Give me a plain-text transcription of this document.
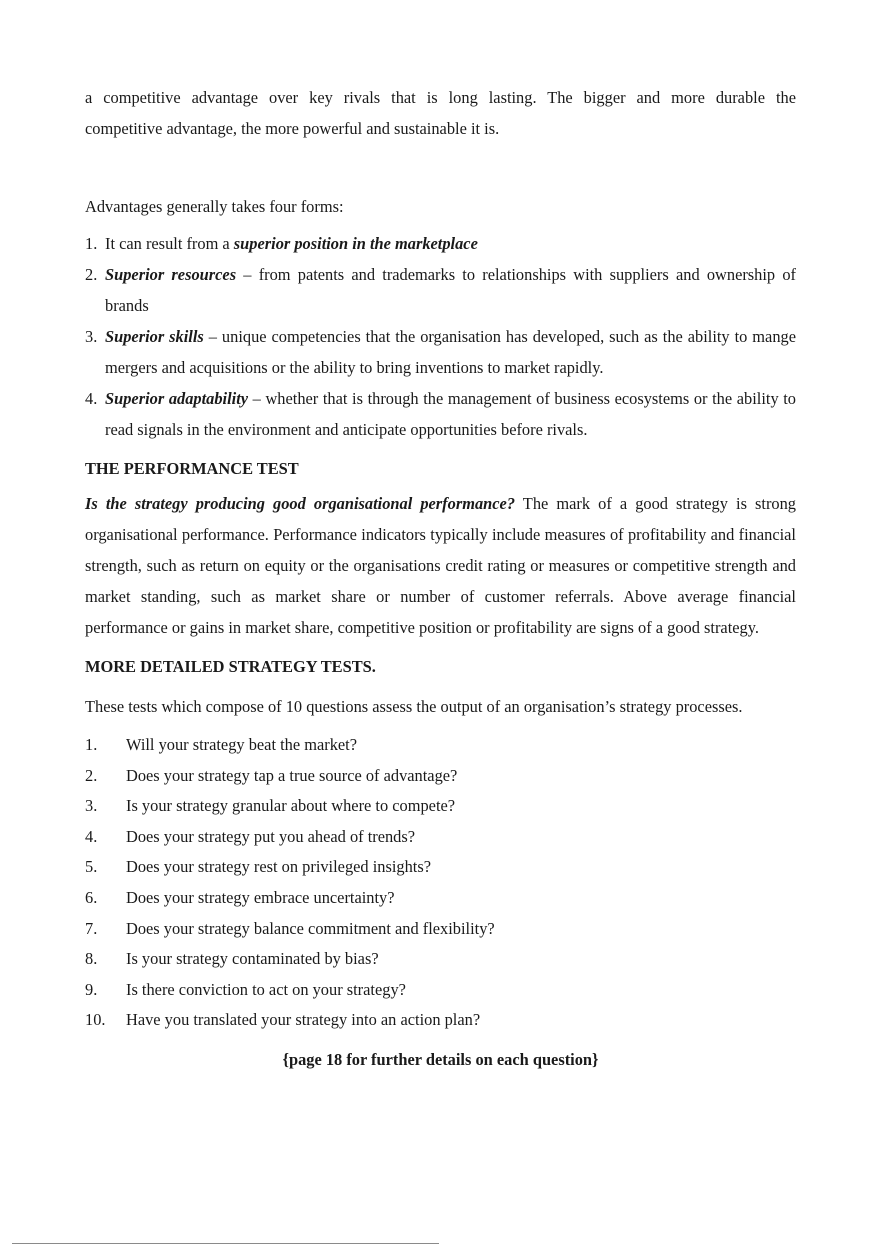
a competitive advantage over key rivals that is long lasting. The bigger and more durable the

competitive advantage, the more powerful and sustainable it is.

Advantages generally takes four forms:

1. It can result from a superior position in the marketplace
2. Superior resources – from patents and trademarks to relationships with suppliers and ownership of brands
3. Superior skills – unique competencies that the organisation has developed, such as the ability to mange mergers and acquisitions or the ability to bring inventions to market rapidly.
4. Superior adaptability – whether that is through the management of business ecosystems or the ability to read signals in the environment and anticipate opportunities before rivals.

THE PERFORMANCE TEST

Is the strategy producing good organisational performance? The mark of a good strategy is strong organisational performance. Performance indicators typically include measures of profitability and financial strength, such as return on equity or the organisations credit rating or measures or competitive strength and market standing, such as market share or number of customer referrals. Above average financial performance or gains in market share, competitive position or profitability are signs of a good strategy.

MORE DETAILED STRATEGY TESTS.

These tests which compose of 10 questions assess the output of an organisation’s strategy processes.

1. Will your strategy beat the market?
2. Does your strategy tap a true source of advantage?
3. Is your strategy granular about where to compete?
4. Does your strategy put you ahead of trends?
5. Does your strategy rest on privileged insights?
6. Does your strategy embrace uncertainty?
7. Does your strategy balance commitment and flexibility?
8. Is your strategy contaminated by bias?
9. Is there conviction to act on your strategy?
10. Have you translated your strategy into an action plan?

{page 18 for further details on each question}
